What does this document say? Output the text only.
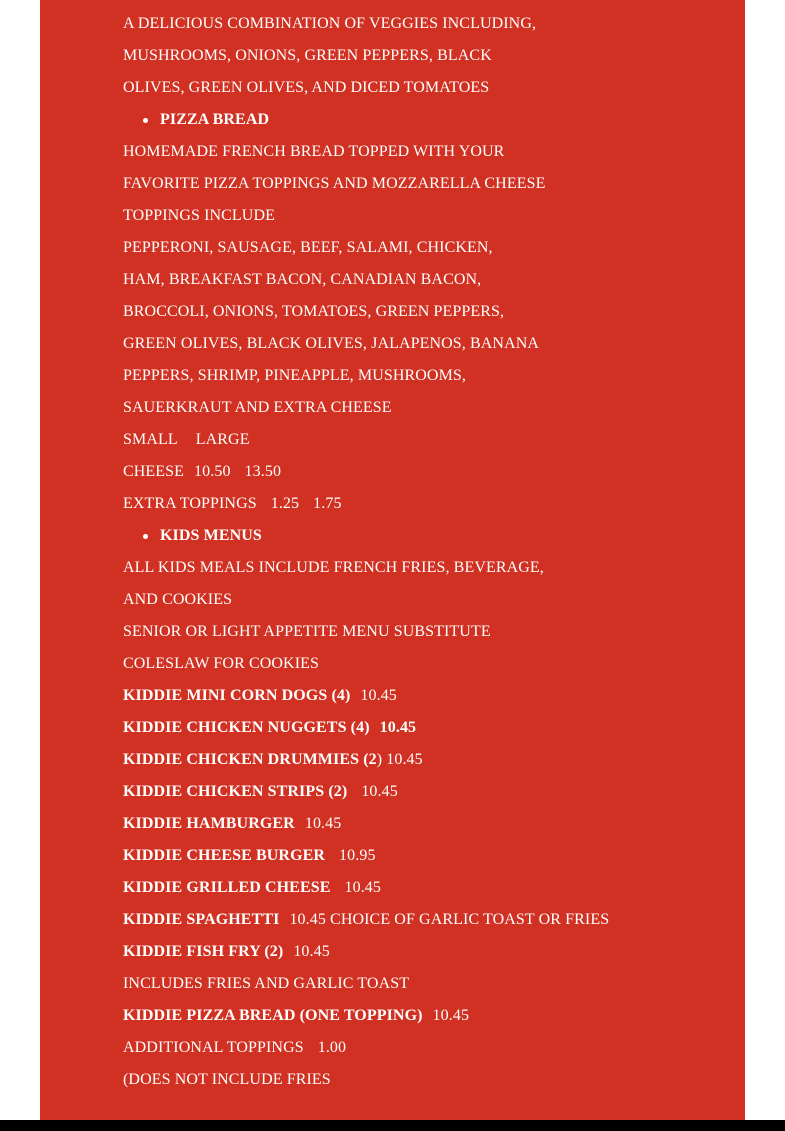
A DELICIOUS COMBINATION OF VEGGIES INCLUDING,
MUSHROOMS, ONIONS, GREEN PEPPERS, BLACK
OLIVES, GREEN OLIVES, AND DICED TOMATOES
PIZZA BREAD
HOMEMADE FRENCH BREAD TOPPED WITH YOUR
FAVORITE PIZZA TOPPINGS AND MOZZARELLA CHEESE
TOPPINGS INCLUDE
PEPPERONI, SAUSAGE, BEEF, SALAMI, CHICKEN,
HAM, BREAKFAST BACON, CANADIAN BACON,
BROCCOLI, ONIONS, TOMATOES, GREEN PEPPERS,
GREEN OLIVES, BLACK OLIVES, JALAPENOS, BANANA
PEPPERS, SHRIMP, PINEAPPLE, MUSHROOMS,
SAUERKRAUT AND EXTRA CHEESE
SMALL LARGE
CHEESE 10.50 13.50
EXTRA TOPPINGS 1.25 1.75
KIDS MENUS
ALL KIDS MEALS INCLUDE FRENCH FRIES, BEVERAGE,
AND COOKIES
SENIOR OR LIGHT APPETITE MENU SUBSTITUTE
COLESLAW FOR COOKIES
KIDDIE MINI CORN DOGS (4) 10.45
KIDDIE CHICKEN NUGGETS (4) 10.45
KIDDIE CHICKEN DRUMMIES (2) 10.45
KIDDIE CHICKEN STRIPS (2) 10.45
KIDDIE HAMBURGER 10.45
KIDDIE CHEESE BURGER 10.95
KIDDIE GRILLED CHEESE 10.45
KIDDIE SPAGHETTI 10.45 CHOICE OF GARLIC TOAST OR FRIES
KIDDIE FISH FRY (2) 10.45
INCLUDES FRIES AND GARLIC TOAST
KIDDIE PIZZA BREAD (ONE TOPPING) 10.45
ADDITIONAL TOPPINGS 1.00
(DOES NOT INCLUDE FRIES
